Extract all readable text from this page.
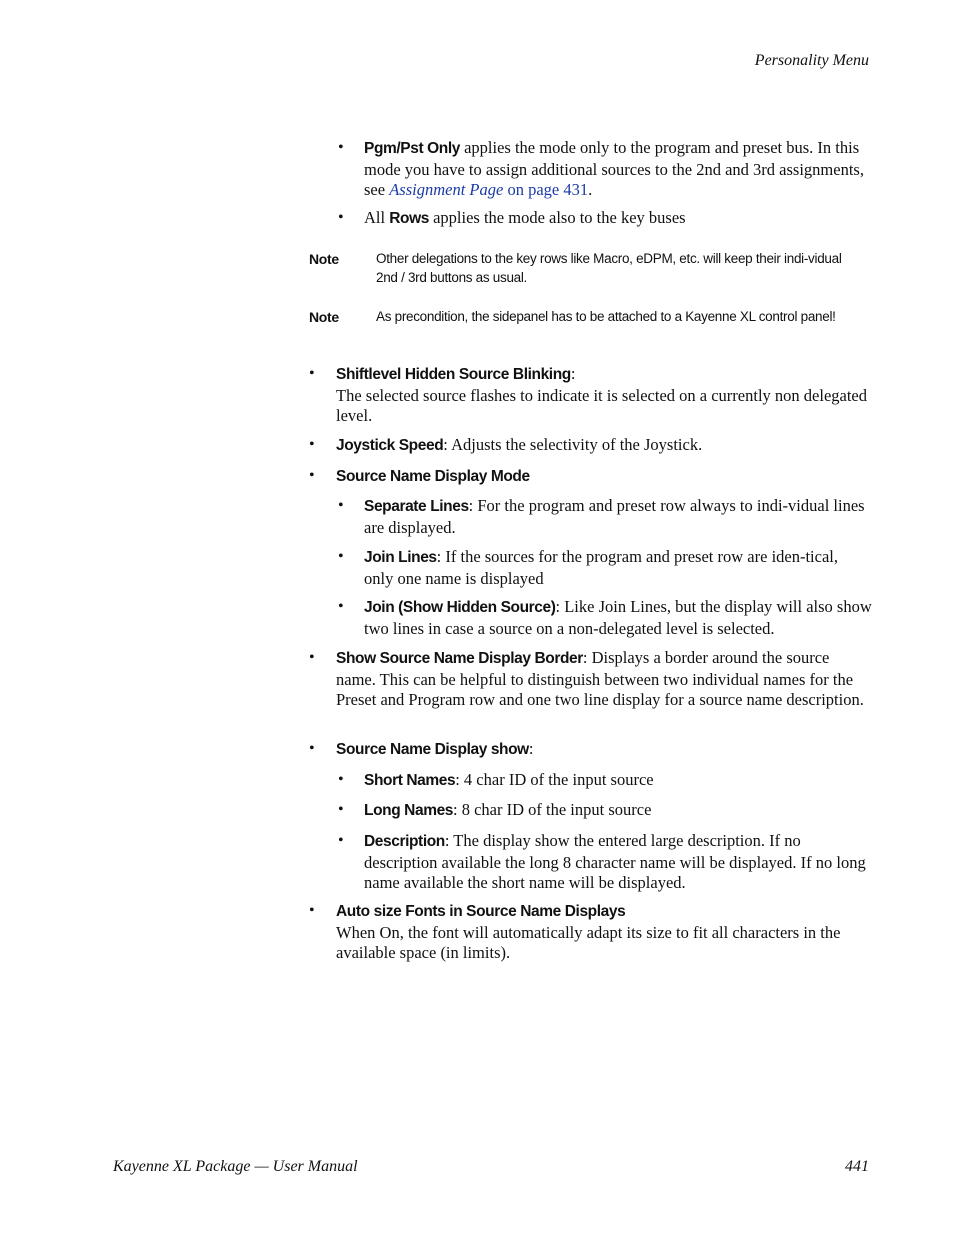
Personality Menu
• Pgm/Pst Only applies the mode only to the program and preset bus. In this mode you have to assign additional sources to the 2nd and 3rd assignments, see Assignment Page on page 431.
• All Rows applies the mode also to the key buses
Note	Other delegations to the key rows like Macro, eDPM, etc. will keep their indi-vidual 2nd / 3rd buttons as usual.
Note	As precondition, the sidepanel has to be attached to a Kayenne XL control panel!
• Shiftlevel Hidden Source Blinking:
The selected source flashes to indicate it is selected on a currently non delegated level.
• Joystick Speed: Adjusts the selectivity of the Joystick.
• Source Name Display Mode
• Separate Lines: For the program and preset row always to indi-vidual lines are displayed.
• Join Lines: If the sources for the program and preset row are iden-tical, only one name is displayed
• Join (Show Hidden Source): Like Join Lines, but the display will also show two lines in case a source on a non-delegated level is selected.
• Show Source Name Display Border: Displays a border around the source name. This can be helpful to distinguish between two individual names for the Preset and Program row and one two line display for a source name description.
• Source Name Display show:
• Short Names: 4 char ID of the input source
• Long Names: 8 char ID of the input source
• Description: The display show the entered large description. If no description available the long 8 character name will be displayed. If no long name available the short name will be displayed.
• Auto size Fonts in Source Name Displays
When On, the font will automatically adapt its size to fit all characters in the available space (in limits).
Kayenne XL Package — User Manual	441
